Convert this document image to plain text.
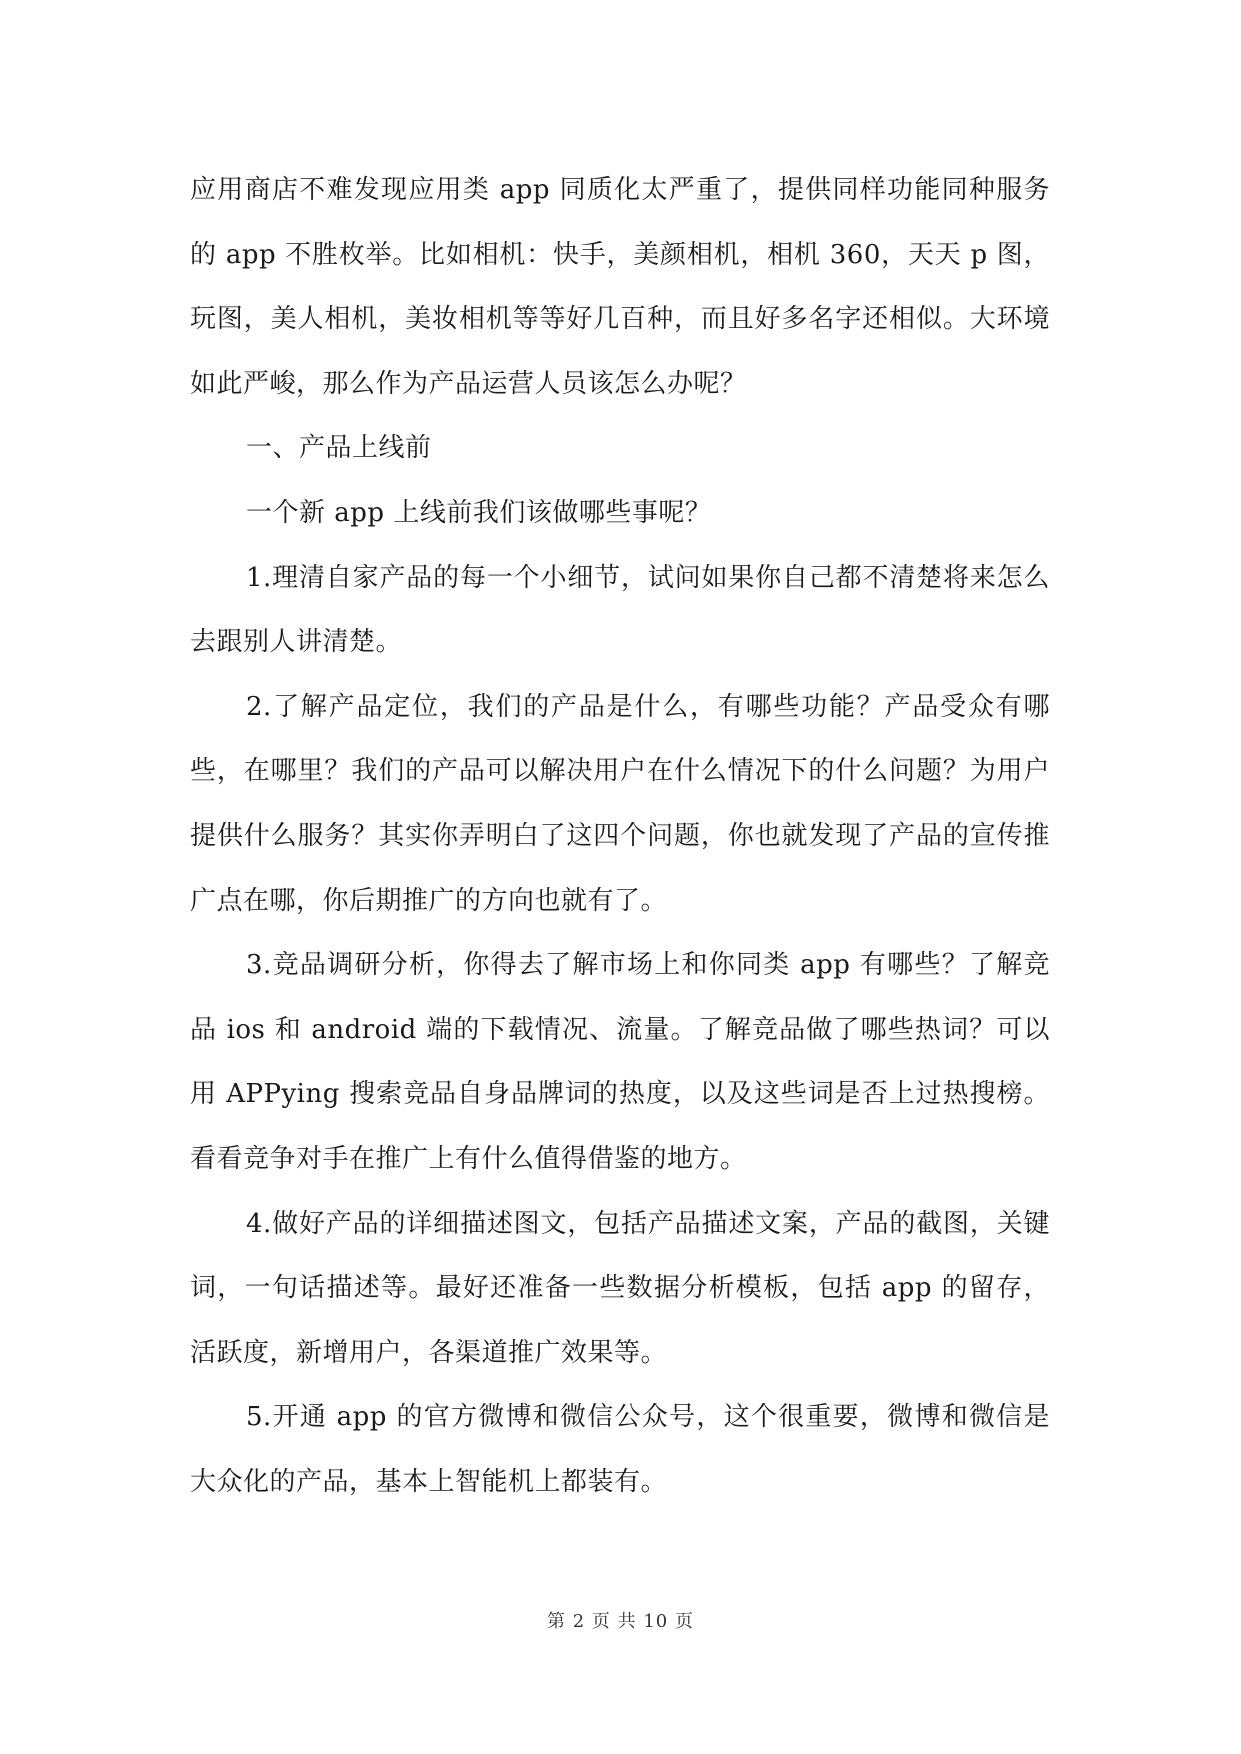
应用商店不难发现应用类 app 同质化太严重了，提供同样功能同种服务的 app 不胜枚举。比如相机：快手，美颜相机，相机 360，天天 p 图，玩图，美人相机，美妆相机等等好几百种，而且好多名字还相似。大环境如此严峻，那么作为产品运营人员该怎么办呢？

一、产品上线前

一个新 app 上线前我们该做哪些事呢？

1.理清自家产品的每一个小细节，试问如果你自己都不清楚将来怎么去跟别人讲清楚。

2.了解产品定位，我们的产品是什么，有哪些功能？产品受众有哪些，在哪里？我们的产品可以解决用户在什么情况下的什么问题？为用户提供什么服务？其实你弄明白了这四个问题，你也就发现了产品的宣传推广点在哪，你后期推广的方向也就有了。

3.竞品调研分析，你得去了解市场上和你同类 app 有哪些？了解竞品 ios 和 android 端的下载情况、流量。了解竞品做了哪些热词？可以用 APPying 搜索竞品自身品牌词的热度，以及这些词是否上过热搜榜。看看竞争对手在推广上有什么值得借鉴的地方。

4.做好产品的详细描述图文，包括产品描述文案，产品的截图，关键词，一句话描述等。最好还准备一些数据分析模板，包括 app 的留存，活跃度，新增用户，各渠道推广效果等。

5.开通 app 的官方微博和微信公众号，这个很重要，微博和微信是大众化的产品，基本上智能机上都装有。

第 2 页 共 10 页
